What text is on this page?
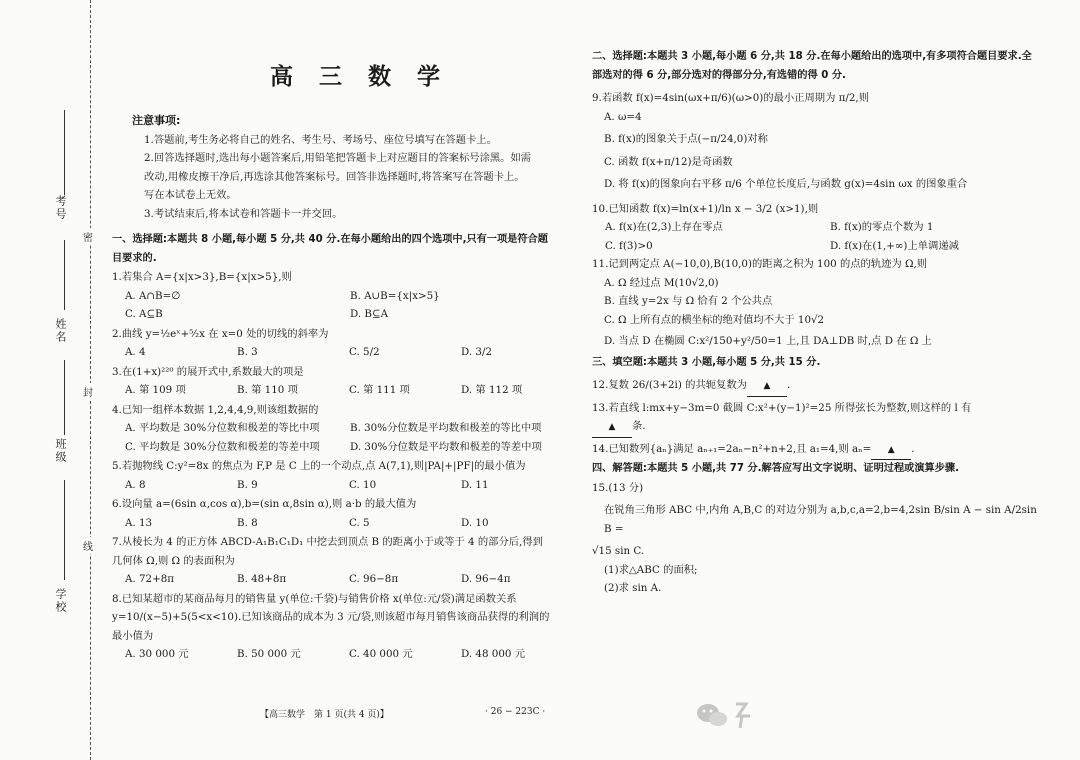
考号
密
姓名
封
班级
线
学校
高 三 数 学
注意事项:

1.答题前,考生务必将自己的姓名、考生号、考场号、座位号填写在答题卡上。

2.回答选择题时,选出每小题答案后,用铅笔把答题卡上对应题目的答案标号涂黑。如需改动,用橡皮擦干净后,再选涂其他答案标号。回答非选择题时,将答案写在答题卡上。写在本试卷上无效。

3.考试结束后,将本试卷和答题卡一并交回。

一、选择题:本题共 8 小题,每小题 5 分,共 40 分.在每小题给出的四个选项中,只有一项是符合题目要求的.

1.若集合 A={x|x>3},B={x|x>5},则

A. A∩B=∅	B. A∪B={x|x>5}
C. A⊆B	D. B⊆A

2.曲线 y=½eˣ+⁵⁄₂x 在 x=0 处的切线的斜率为

A. 4	B. 3	C. 5/2	D. 3/2

3.在(1+x)²²⁰ 的展开式中,系数最大的项是

A. 第 109 项	B. 第 110 项	C. 第 111 项	D. 第 112 项

4.已知一组样本数据 1,2,4,4,9,则该组数据的

A. 平均数是 30%分位数和极差的等比中项	B. 30%分位数是平均数和极差的等比中项
C. 平均数是 30%分位数和极差的等差中项	D. 30%分位数是平均数和极差的等差中项

5.若抛物线 C:y²=8x 的焦点为 F,P 是 C 上的一个动点,点 A(7,1),则|PA|+|PF|的最小值为

A. 8	B. 9	C. 10	D. 11

6.设向量 a=(6sin α,cos α),b=(sin α,8sin α),则 a·b 的最大值为

A. 13	B. 8	C. 5	D. 10

7.从棱长为 4 的正方体 ABCD-A₁B₁C₁D₁ 中挖去到顶点 B 的距离小于或等于 4 的部分后,得到几何体 Ω,则 Ω 的表面积为

A. 72+8π	B. 48+8π	C. 96−8π	D. 96−4π

8.已知某超市的某商品每月的销售量 y(单位:千袋)与销售价格 x(单位:元/袋)满足函数关系 y=10/(x−5)+5(5<x<10).已知该商品的成本为 3 元/袋,则该超市每月销售该商品获得的利润的最小值为

A. 30 000 元	B. 50 000 元	C. 40 000 元	D. 48 000 元
【高三数学　第 1 页(共 4 页)】	· 26 − 223C ·
二、选择题:本题共 3 小题,每小题 6 分,共 18 分.在每小题给出的选项中,有多项符合题目要求.全部选对的得 6 分,部分选对的得部分分,有选错的得 0 分.

9.若函数 f(x)=4sin(ωx+π/6)(ω>0)的最小正周期为 π/2,则

A. ω=4

B. f(x)的图象关于点(−π/24,0)对称

C. 函数 f(x+π/12)是奇函数

D. 将 f(x)的图象向右平移 π/6 个单位长度后,与函数 g(x)=4sin ωx 的图象重合

10.已知函数 f(x)=ln(x+1)/ln x − 3/2 (x>1),则

A. f(x)在(2,3)上存在零点	B. f(x)的零点个数为 1
C. f(3)>0	D. f(x)在(1,+∞)上单调递减

11.记到两定点 A(−10,0),B(10,0)的距离之积为 100 的点的轨迹为 Ω,则

A. Ω 经过点 M(10√2,0)

B. 直线 y=2x 与 Ω 恰有 2 个公共点

C. Ω 上所有点的横坐标的绝对值均不大于 10√2

D. 当点 D 在椭圆 C:x²/150+y²/50=1 上,且 DA⊥DB 时,点 D 在 Ω 上

三、填空题:本题共 3 小题,每小题 5 分,共 15 分.

12.复数 26/(3+2i) 的共轭复数为 ▲ .

13.若直线 l:mx+y−3m=0 截圆 C:x²+(y−1)²=25 所得弦长为整数,则这样的 l 有

▲ 条.

14.已知数列{aₙ}满足 aₙ₊₁=2aₙ−n²+n+2,且 a₁=4,则 aₙ= ▲ .

四、解答题:本题共 5 小题,共 77 分.解答应写出文字说明、证明过程或演算步骤.

15.(13 分)

在锐角三角形 ABC 中,内角 A,B,C 的对边分别为 a,b,c,a=2,b=4,2sin B/sin A − sin A/2sin B =

√15 sin C.

(1)求△ABC 的面积;

(2)求 sin A.
